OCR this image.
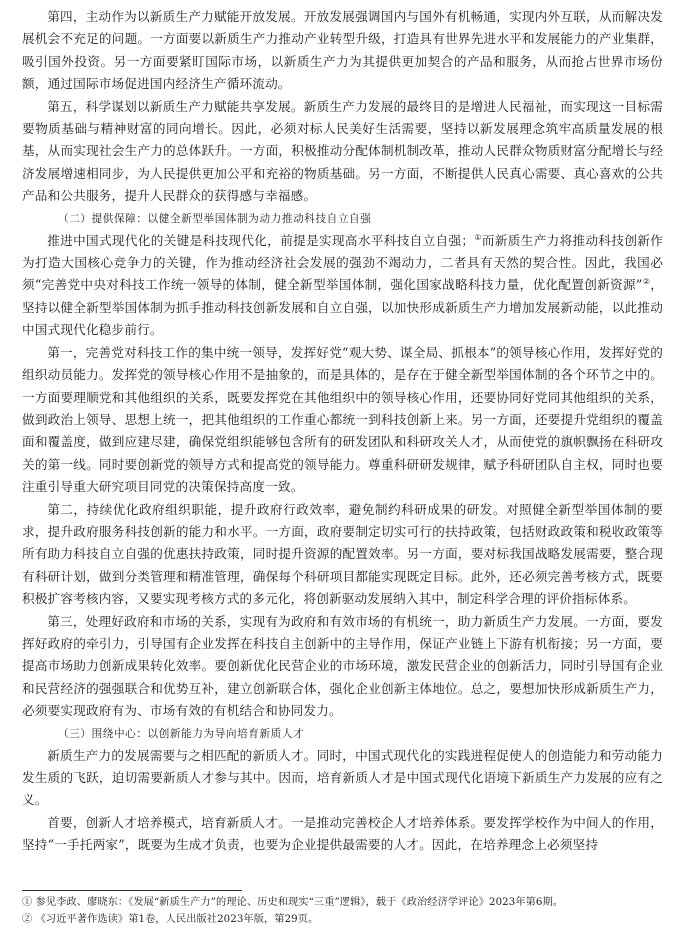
第四，主动作为以新质生产力赋能开放发展。开放发展强调国内与国外有机畅通，实现内外互联，从而解决发展机会不充足的问题。一方面要以新质生产力推动产业转型升级，打造具有世界先进水平和发展能力的产业集群，吸引国外投资。另一方面要紧盯国际市场，以新质生产力为其提供更加契合的产品和服务，从而抢占世界市场份额，通过国际市场促进国内经济生产循环流动。

第五，科学谋划以新质生产力赋能共享发展。新质生产力发展的最终目的是增进人民福祉，而实现这一目标需要物质基础与精神财富的同向增长。因此，必须对标人民美好生活需要，坚持以新发展理念筑牢高质量发展的根基，从而实现社会生产力的总体跃升。一方面，积极推动分配体制机制改革，推动人民群众物质财富分配增长与经济发展增速相同步，为人民提供更加公平和充裕的物质基础。另一方面，不断提供人民真心需要、真心喜欢的公共产品和公共服务，提升人民群众的获得感与幸福感。

（二）提供保障：以健全新型举国体制为动力推动科技自立自强

推进中国式现代化的关键是科技现代化，前提是实现高水平科技自立自强；①而新质生产力将推动科技创新作为打造大国核心竞争力的关键，作为推动经济社会发展的强劲不竭动力，二者具有天然的契合性。因此，我国必须“完善党中央对科技工作统一领导的体制，健全新型举国体制，强化国家战略科技力量，优化配置创新资源”②，坚持以健全新型举国体制为抓手推动科技创新发展和自立自强，以加快形成新质生产力增加发展新动能，以此推动中国式现代化稳步前行。

第一，完善党对科技工作的集中统一领导，发挥好党“观大势、谋全局、抓根本”的领导核心作用，发挥好党的组织动员能力。发挥党的领导核心作用不是抽象的，而是具体的，是存在于健全新型举国体制的各个环节之中的。一方面要理顺党和其他组织的关系，既要发挥党在其他组织中的领导核心作用，还要协同好党同其他组织的关系，做到政治上领导、思想上统一，把其他组织的工作重心都统一到科技创新上来。另一方面，还要提升党组织的覆盖面和覆盖度，做到应建尽建，确保党组织能够包含所有的研发团队和科研攻关人才，从而使党的旗帜飘扬在科研攻关的第一线。同时要创新党的领导方式和提高党的领导能力。尊重科研研发规律，赋予科研团队自主权，同时也要注重引导重大研究项目同党的决策保持高度一致。

第二，持续优化政府组织职能，提升政府行政效率，避免制约科研成果的研发。对照健全新型举国体制的要求，提升政府服务科技创新的能力和水平。一方面，政府要制定切实可行的扶持政策，包括财政政策和税收政策等所有助力科技自立自强的优惠扶持政策，同时提升资源的配置效率。另一方面，要对标我国战略发展需要，整合现有科研计划，做到分类管理和精准管理，确保每个科研项目都能实现既定目标。此外，还必须完善考核方式，既要积极扩容考核内容，又要实现考核方式的多元化，将创新驱动发展纳入其中，制定科学合理的评价指标体系。

第三，处理好政府和市场的关系，实现有为政府和有效市场的有机统一，助力新质生产力发展。一方面，要发挥好政府的牵引力，引导国有企业发挥在科技自主创新中的主导作用，保证产业链上下游有机衔接；另一方面，要提高市场助力创新成果转化效率。要创新优化民营企业的市场环境，激发民营企业的创新活力，同时引导国有企业和民营经济的强强联合和优势互补，建立创新联合体，强化企业创新主体地位。总之，要想加快形成新质生产力，必须要实现政府有为、市场有效的有机结合和协同发力。

（三）围绕中心：以创新能力为导向培育新质人才

新质生产力的发展需要与之相匹配的新质人才。同时，中国式现代化的实践进程促使人的创造能力和劳动能力发生质的飞跃，迫切需要新质人才参与其中。因而，培育新质人才是中国式现代化语境下新质生产力发展的应有之义。

首要，创新人才培养模式，培育新质人才。一是推动完善校企人才培养体系。要发挥学校作为中间人的作用，坚持“一手托两家”，既要为生成才负责，也要为企业提供最需要的人才。因此，在培养理念上必须坚持

① 参见李政、廖晓东：《发展“新质生产力”的理论、历史和现实“三重”逻辑》，载于《政治经济学评论》2023年第6期。

② 《习近平著作选读》第1卷，人民出版社2023年版，第29页。
